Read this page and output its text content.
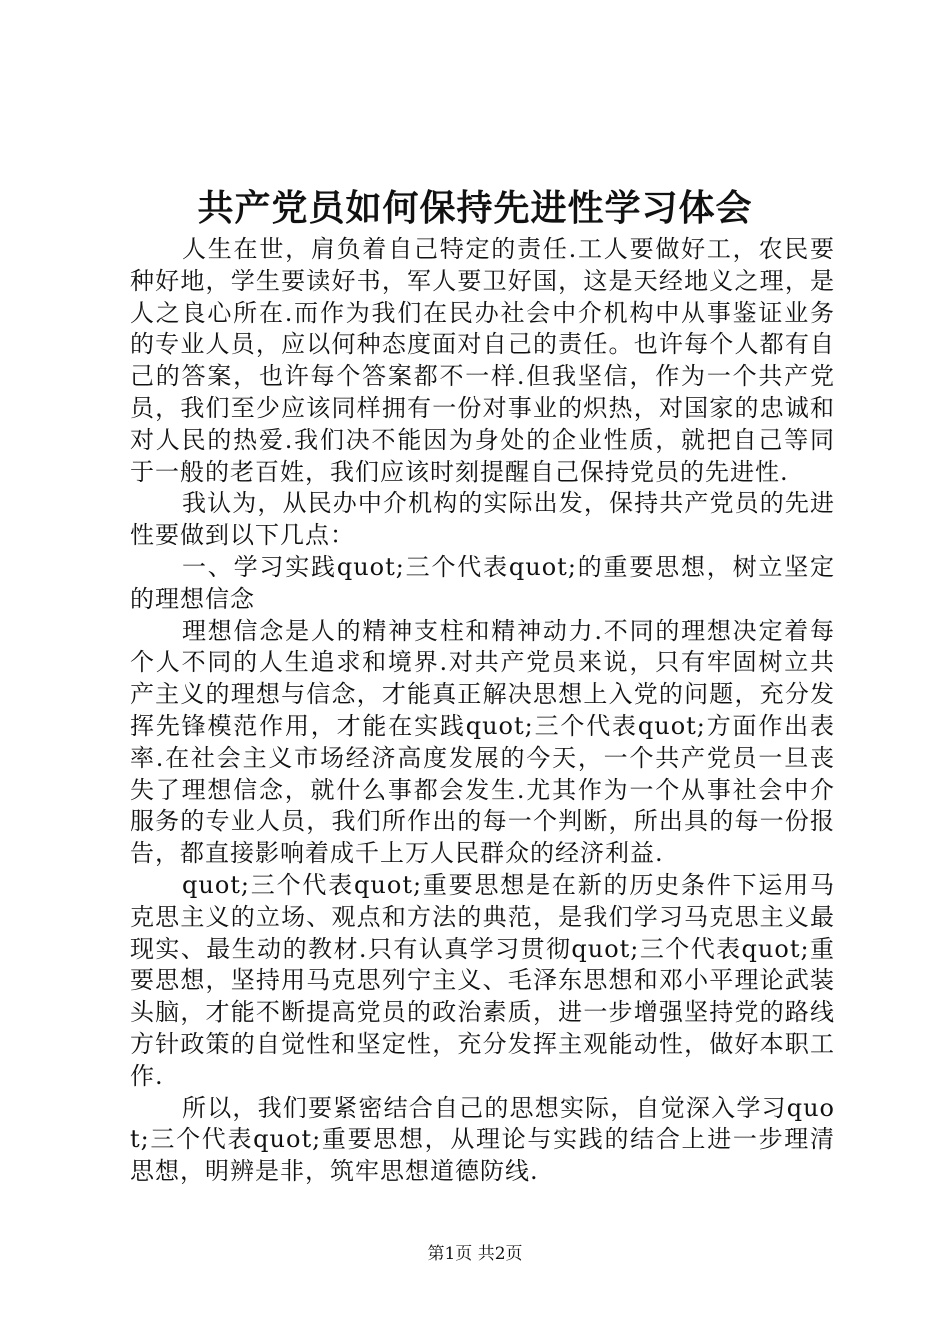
共产党员如何保持先进性学习体会

人生在世，肩负着自己特定的责任.工人要做好工，农民要种好地，学生要读好书，军人要卫好国，这是天经地义之理，是人之良心所在.而作为我们在民办社会中介机构中从事鉴证业务的专业人员，应以何种态度面对自己的责任。也许每个人都有自己的答案，也许每个答案都不一样.但我坚信，作为一个共产党员，我们至少应该同样拥有一份对事业的炽热，对国家的忠诚和对人民的热爱.我们决不能因为身处的企业性质，就把自己等同于一般的老百姓，我们应该时刻提醒自己保持党员的先进性.

我认为，从民办中介机构的实际出发，保持共产党员的先进性要做到以下几点：

一、学习实践quot;三个代表quot;的重要思想，树立坚定的理想信念

理想信念是人的精神支柱和精神动力.不同的理想决定着每个人不同的人生追求和境界.对共产党员来说，只有牢固树立共产主义的理想与信念，才能真正解决思想上入党的问题，充分发挥先锋模范作用，才能在实践quot;三个代表quot;方面作出表率.在社会主义市场经济高度发展的今天，一个共产党员一旦丧失了理想信念，就什么事都会发生.尤其作为一个从事社会中介服务的专业人员，我们所作出的每一个判断，所出具的每一份报告，都直接影响着成千上万人民群众的经济利益.

quot;三个代表quot;重要思想是在新的历史条件下运用马克思主义的立场、观点和方法的典范，是我们学习马克思主义最现实、最生动的教材.只有认真学习贯彻quot;三个代表quot;重要思想，坚持用马克思列宁主义、毛泽东思想和邓小平理论武装头脑，才能不断提高党员的政治素质，进一步增强坚持党的路线方针政策的自觉性和坚定性，充分发挥主观能动性，做好本职工作.

所以，我们要紧密结合自己的思想实际，自觉深入学习quot;三个代表quot;重要思想，从理论与实践的结合上进一步理清思想，明辨是非，筑牢思想道德防线.

第1页 共2页
